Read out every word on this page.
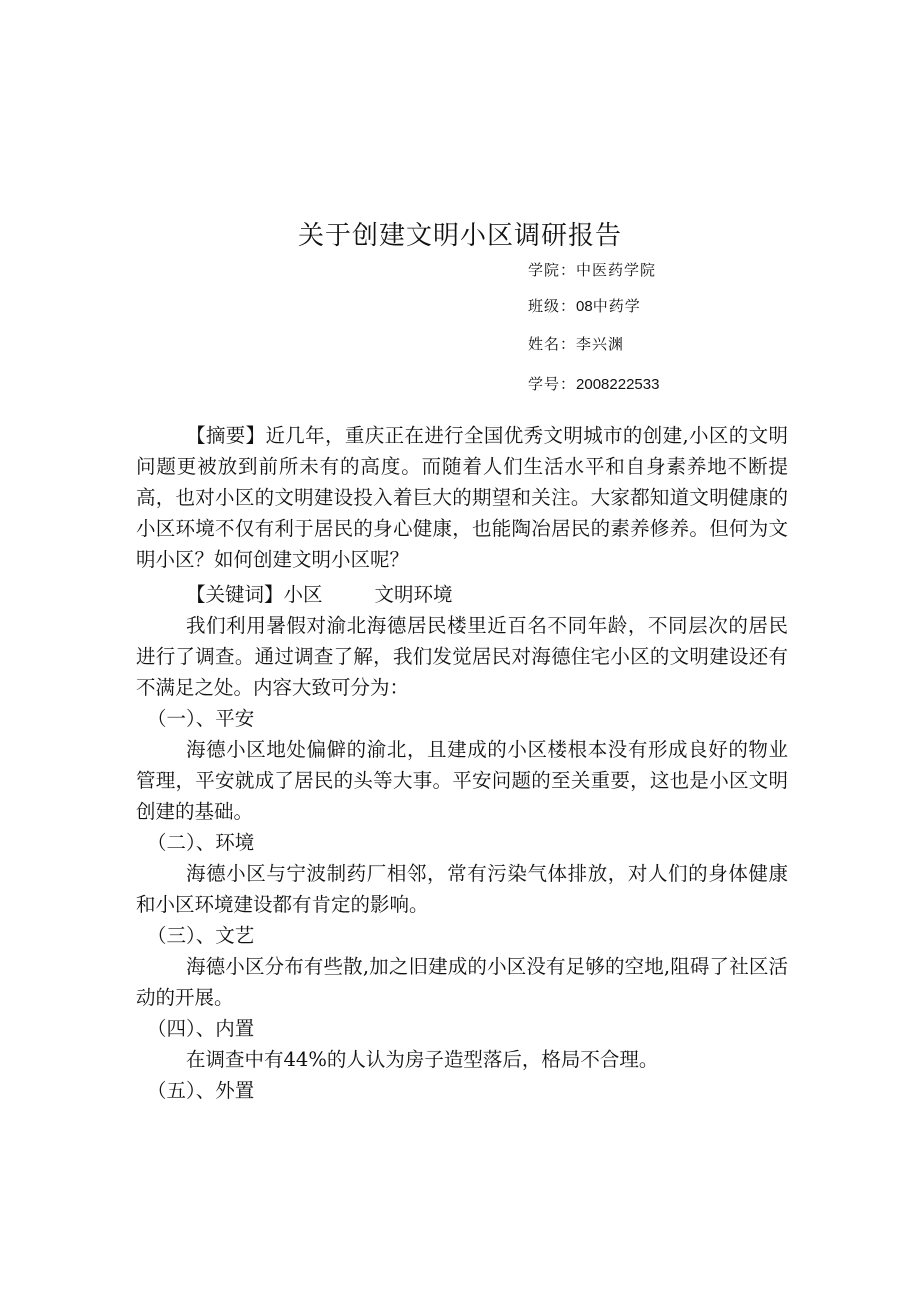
关于创建文明小区调研报告
学院：中医药学院
班级：08中药学
姓名：李兴渊
学号：2008222533

【摘要】近几年，重庆正在进行全国优秀文明城市的创建,小区的文明问题更被放到前所未有的高度。而随着人们生活水平和自身素养地不断提高，也对小区的文明建设投入着巨大的期望和关注。大家都知道文明健康的小区环境不仅有利于居民的身心健康，也能陶冶居民的素养修养。但何为文明小区？如何创建文明小区呢？

【关键词】小区	文明环境

我们利用暑假对渝北海德居民楼里近百名不同年龄，不同层次的居民进行了调查。通过调查了解，我们发觉居民对海德住宅小区的文明建设还有不满足之处。内容大致可分为：

（一）、平安

海德小区地处偏僻的渝北，且建成的小区楼根本没有形成良好的物业管理，平安就成了居民的头等大事。平安问题的至关重要，这也是小区文明创建的基础。

（二）、环境

海德小区与宁波制药厂相邻，常有污染气体排放，对人们的身体健康和小区环境建设都有肯定的影响。

（三）、文艺

海德小区分布有些散,加之旧建成的小区没有足够的空地,阻碍了社区活动的开展。

（四）、内置

在调查中有44%的人认为房子造型落后，格局不合理。

（五）、外置
